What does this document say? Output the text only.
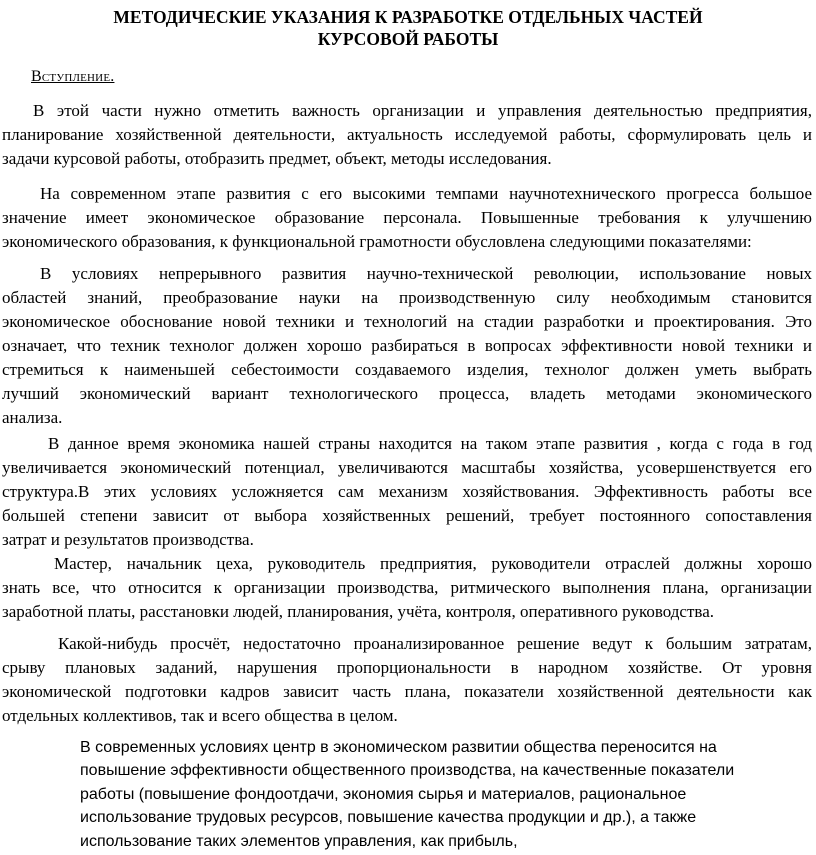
МЕТОДИЧЕСКИЕ УКАЗАНИЯ К РАЗРАБОТКЕ ОТДЕЛЬНЫХ ЧАСТЕЙ
КУРСОВОЙ РАБОТЫ
Вступление.

В этой части нужно отметить важность организации и управления деятельностью предприятия,
планирование хозяйственной деятельности, актуальность исследуемой работы, сформулировать цель и
задачи курсовой работы, отобразить предмет, объект, методы исследования.

На современном этапе развития с его высокими темпами научнотехнического прогресса большое
значение имеет экономическое образование персонала. Повышенные требования к улучшению
экономического образования, к функциональной грамотности обусловлена следующими показателями:

В условиях непрерывного развития научно-технической революции, использование новых
областей знаний, преобразование науки на производственную силу необходимым становится
экономическое обоснование новой техники и технологий на стадии разработки и проектирования. Это
означает, что техник технолог должен хорошо разбираться в вопросах эффективности новой техники и
стремиться к наименьшей себестоимости создаваемого изделия, технолог должен уметь выбрать
лучший экономический вариант технологического процесса, владеть методами экономического
анализа.

В данное время экономика нашей страны находится на таком этапе развития , когда с года в год
увеличивается экономический потенциал, увеличиваются масштабы хозяйства, усовершенствуется его
структура.В этих условиях усложняется сам механизм хозяйствования. Эффективность работы все
большей степени зависит от выбора хозяйственных решений, требует постоянного сопоставления
затрат и результатов производства.

Мастер, начальник цеха, руководитель предприятия, руководители отраслей должны хорошо
знать все, что относится к организации производства, ритмического выполнения плана, организации
заработной платы, расстановки людей, планирования, учёта, контроля, оперативного руководства.

Какой-нибудь просчёт, недостаточно проанализированное решение ведут к большим затратам,
срыву плановых заданий, нарушения пропорциональности в народном хозяйстве. От уровня
экономической подготовки кадров зависит часть плана, показатели хозяйственной деятельности как
отдельных коллективов, так и всего общества в целом.

В современных условиях центр в экономическом развитии общества переносится на
повышение эффективности общественного производства, на качественные показатели
работы (повышение фондоотдачи, экономия сырья и материалов, рациональное
использование трудовых ресурсов, повышение качества продукции и др.), а также
использование таких элементов управления, как прибыль,
